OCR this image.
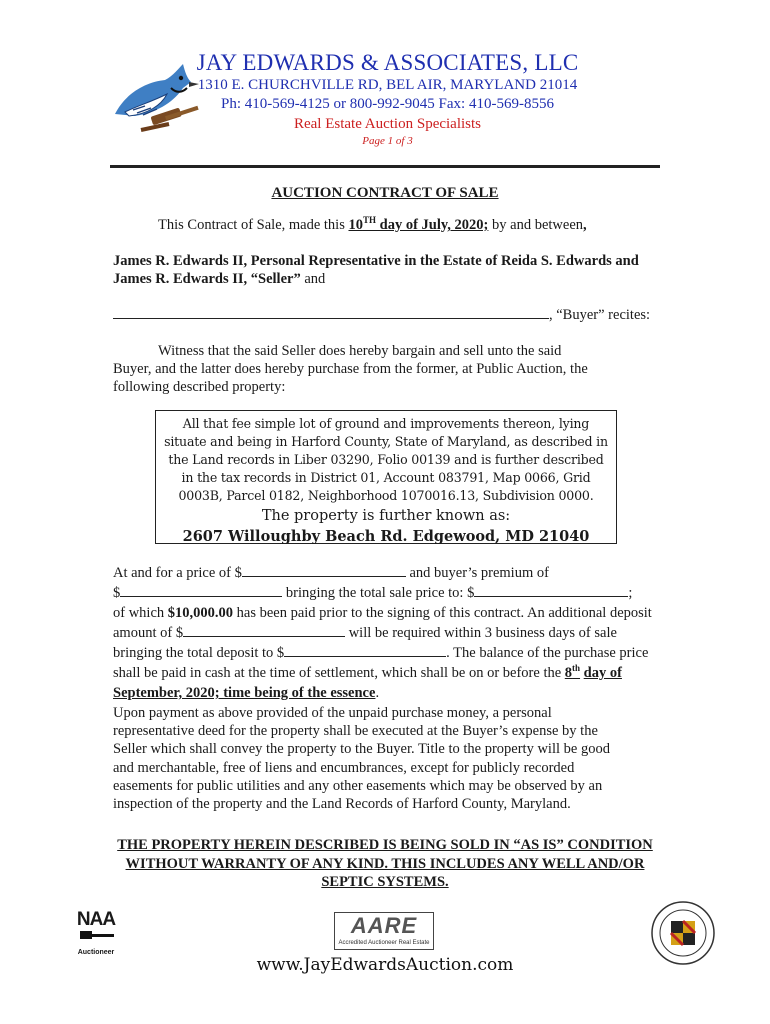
JAY EDWARDS & ASSOCIATES, LLC
1310 E. CHURCHVILLE RD, BEL AIR, MARYLAND 21014
Ph: 410-569-4125 or 800-992-9045 Fax: 410-569-8556
Real Estate Auction Specialists
Page 1 of 3
AUCTION CONTRACT OF SALE
This Contract of Sale, made this 10TH day of July, 2020; by and between,
James R. Edwards II, Personal Representative in the Estate of Reida S. Edwards and James R. Edwards II, “Seller” and
, “Buyer” recites:
Witness that the said Seller does hereby bargain and sell unto the said Buyer, and the latter does hereby purchase from the former, at Public Auction, the following described property:
All that fee simple lot of ground and improvements thereon, lying situate and being in Harford County, State of Maryland, as described in the Land records in Liber 03290, Folio 00139 and is further described in the tax records in District 01, Account 083791, Map 0066, Grid 0003B, Parcel 0182, Neighborhood 1070016.13, Subdivision 0000.
The property is further known as:
2607 Willoughby Beach Rd. Edgewood, MD 21040
At and for a price of $	and buyer’s premium of
$	bringing the total sale price to: $	;
of which $10,000.00 has been paid prior to the signing of this contract. An additional deposit amount of $	will be required within 3 business days of sale bringing the total deposit to $	. The balance of the purchase price shall be paid in cash at the time of settlement, which shall be on or before the 8th day of September, 2020; time being of the essence.
Upon payment as above provided of the unpaid purchase money, a personal representative deed for the property shall be executed at the Buyer’s expense by the Seller which shall convey the property to the Buyer. Title to the property will be good and merchantable, free of liens and encumbrances, except for publicly recorded easements for public utilities and any other easements which may be observed by an inspection of the property and the Land Records of Harford County, Maryland.
THE PROPERTY HEREIN DESCRIBED IS BEING SOLD IN “AS IS” CONDITION WITHOUT WARRANTY OF ANY KIND. THIS INCLUDES ANY WELL AND/OR SEPTIC SYSTEMS.
NAA
Auctioneer
AARE
Accredited Auctioneer Real Estate
www.JayEdwardsAuction.com
